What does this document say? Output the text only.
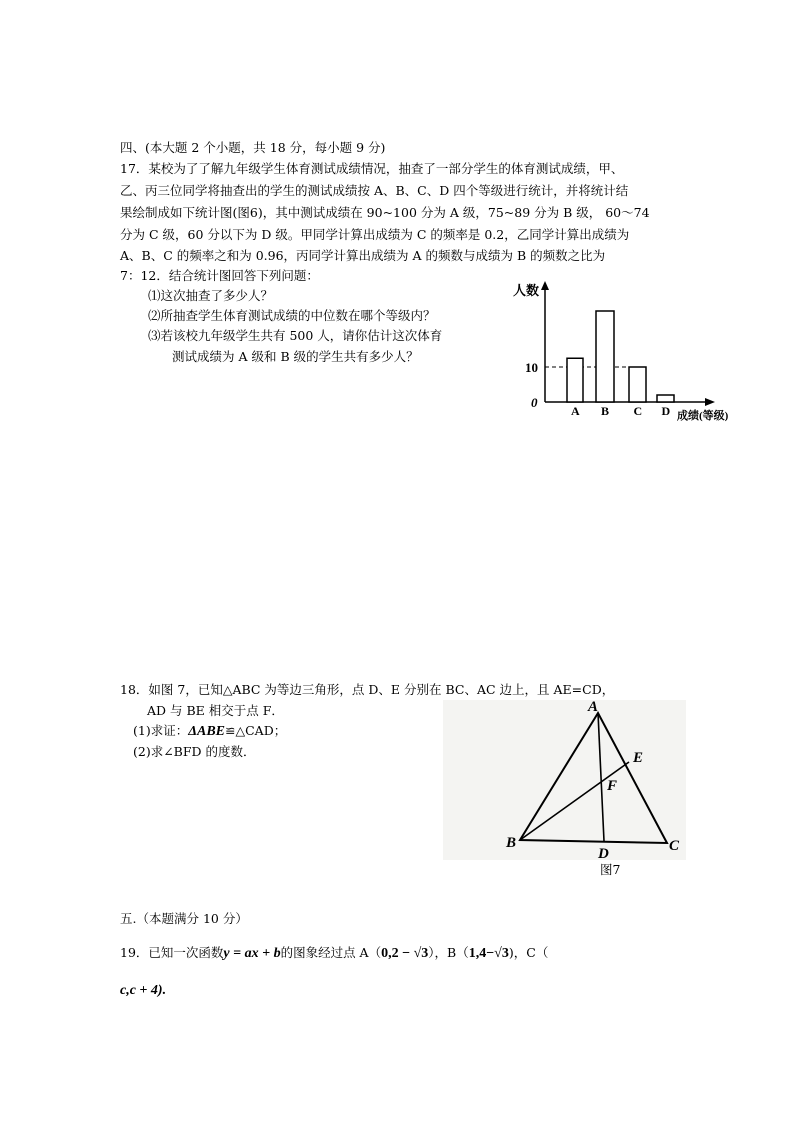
四、(本大题 2 个小题，共 18 分，每小题 9 分)
17．某校为了了解九年级学生体育测试成绩情况，抽查了一部分学生的体育测试成绩，甲、
乙、丙三位同学将抽查出的学生的测试成绩按 A、B、C、D 四个等级进行统计，并将统计结
果绘制成如下统计图(图6)，其中测试成绩在 90~100 分为 A 级，75~89 分为 B 级， 60～74
分为 C 级，60 分以下为 D 级。甲同学计算出成绩为 C 的频率是 0.2，乙同学计算出成绩为
A、B、C 的频率之和为 0.96，丙同学计算出成绩为 A 的频数与成绩为 B 的频数之比为
7：12．结合统计图回答下列问题：
⑴这次抽查了多少人？
⑵所抽查学生体育测试成绩的中位数在哪个等级内？
⑶若该校九年级学生共有 500 人，请你估计这次体育
测试成绩为 A 级和 B 级的学生共有多少人？
人数
成绩(等级)
0
10
A B C D
18．如图 7，已知△ABC 为等边三角形，点 D、E 分别在 BC、AC 边上，且 AE=CD，
AD 与 BE 相交于点 F．
(1)求证：ΔABE≌△CAD；
(2)求∠BFD 的度数．
A
B	C
D
E
F
图7
五.（本题满分 10 分）
19．已知一次函数y = ax + b的图象经过点 A（0,2 − √3），B（1,4−√3)，C（
c,c + 4).
